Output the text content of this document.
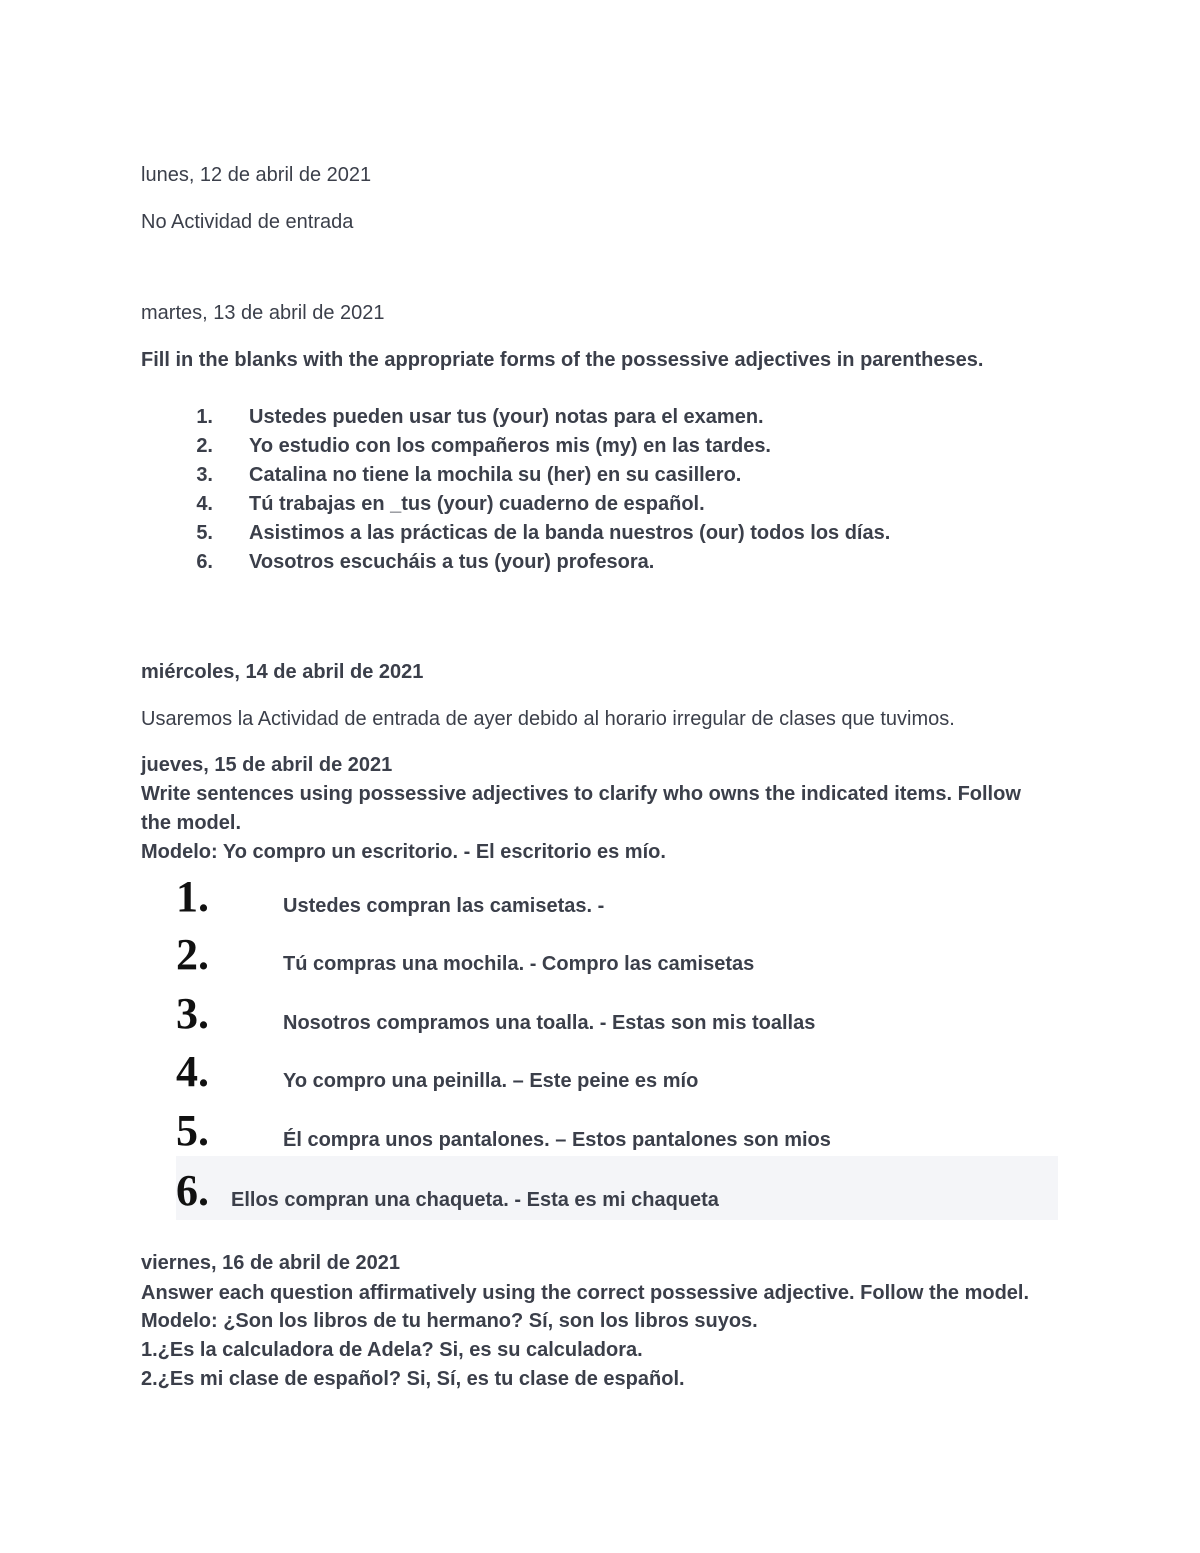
lunes, 12 de abril de 2021
No Actividad de entrada
martes, 13 de abril de 2021
Fill in the blanks with the appropriate forms of the possessive adjectives in parentheses.
1. Ustedes pueden usar tus (your) notas para el examen.
2. Yo estudio con los compañeros mis (my) en las tardes.
3. Catalina no tiene la mochila su (her) en su casillero.
4. Tú trabajas en _tus (your) cuaderno de español.
5. Asistimos a las prácticas de la banda nuestros (our) todos los días.
6. Vosotros escucháis a tus (your) profesora.
miércoles, 14 de abril de 2021
Usaremos la Actividad de entrada de ayer debido al horario irregular de clases que tuvimos.
jueves, 15 de abril de 2021
Write sentences using possessive adjectives to clarify who owns the indicated items. Follow
the model.
Modelo: Yo compro un escritorio. - El escritorio es mío.
1.	Ustedes compran las camisetas. -
2.	Tú compras una mochila. - Compro las camisetas
3.	Nosotros compramos una toalla. - Estas son mis toallas
4.	Yo compro una peinilla. – Este peine es mío
5.	Él compra unos pantalones. – Estos pantalones son mios
6. Ellos compran una chaqueta. - Esta es mi chaqueta
viernes, 16 de abril de 2021
Answer each question affirmatively using the correct possessive adjective. Follow the model.
Modelo: ¿Son los libros de tu hermano? Sí, son los libros suyos.
1.¿Es la calculadora de Adela? Si, es su calculadora.
2.¿Es mi clase de español? Si, Sí, es tu clase de español.
